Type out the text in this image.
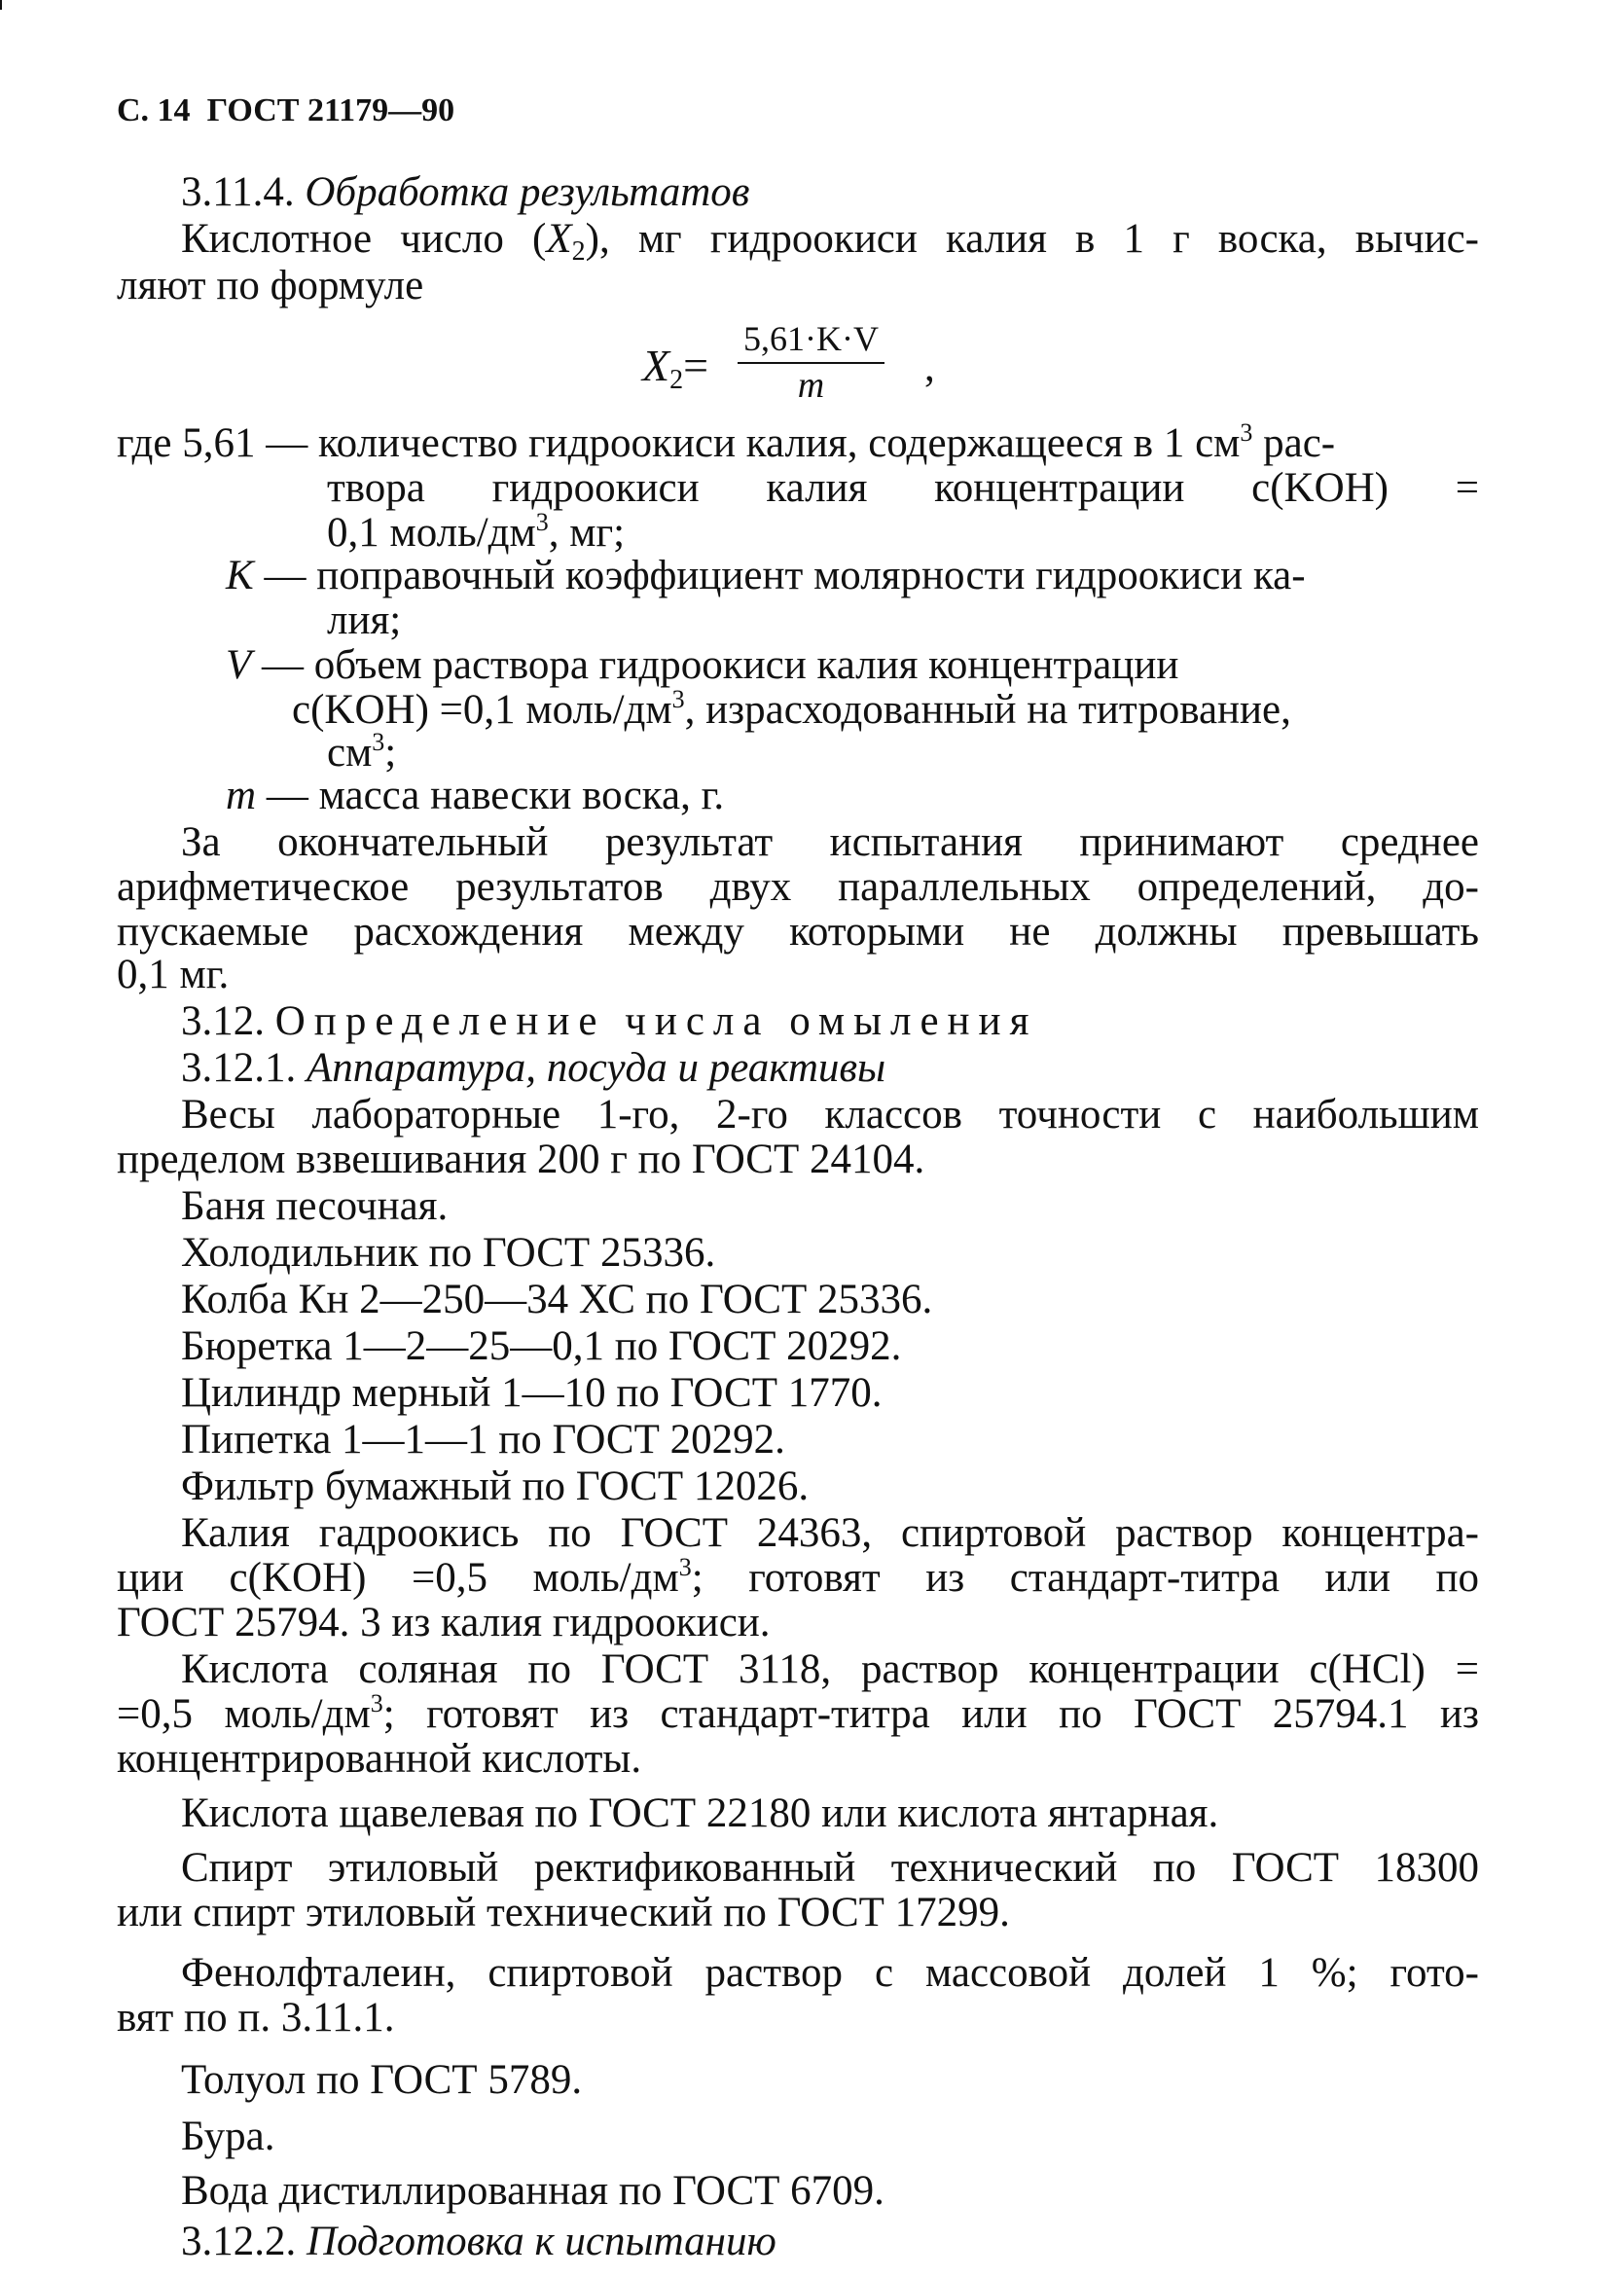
С. 14 ГОСТ 21179—90
3.11.4. Обработка результатов
Кислотное число $(X_2)$, мг гидроокиси калия в 1 г воска, вычис-
ляют по формуле
$X_2= \frac{5,61\cdot K\cdot V}{m}$ ,
где 5,61 — количество гидроокиси калия, содержащееся в 1 $см^3$ рас-
твора гидроокиси калия концентрации c(KOH) =
0,1 моль/$дм^3$, мг;
K — поправочный коэффициент молярности гидроокиси ка-
лия;
V — объем раствора гидроокиси калия концентрации
c(KOH) =0,1 моль/$дм^3$, израсходованный на титрование,
$см^3$;
m — масса навески воска, г.
За окончательный результат испытания принимают среднее
арифметическое результатов двух параллельных определений, до-
пускаемые расхождения между которыми не должны превышать
0,1 мг.
3.12. Определение числа омыления
3.12.1. Аппаратура, посуда и реактивы
Весы лабораторные 1-го, 2-го классов точности с наибольшим
пределом взвешивания 200 г по ГОСТ 24104.
Баня песочная.
Холодильник по ГОСТ 25336.
Колба Кн 2—250—34 ХС по ГОСТ 25336.
Бюретка 1—2—25—0,1 по ГОСТ 20292.
Цилиндр мерный 1—10 по ГОСТ 1770.
Пипетка 1—1—1 по ГОСТ 20292.
Фильтр бумажный по ГОСТ 12026.
Калия гадроокись по ГОСТ 24363, спиртовой раствор концентра-
ции c(KOH) =0,5 моль/$дм^3$; готовят из стандарт-титра или по
ГОСТ 25794. 3 из калия гидроокиси.
Кислота соляная по ГОСТ 3118, раствор концентрации c(HCl) =
=0,5 моль/$дм^3$; готовят из стандарт-титра или по ГОСТ 25794.1 из
концентрированной кислоты.
Кислота щавелевая по ГОСТ 22180 или кислота янтарная.
Спирт этиловый ректификованный технический по ГОСТ 18300
или спирт этиловый технический по ГОСТ 17299.
Фенолфталеин, спиртовой раствор с массовой долей 1 %; гото-
вят по п. 3.11.1.
Толуол по ГОСТ 5789.
Бура.
Вода дистиллированная по ГОСТ 6709.
3.12.2. Подготовка к испытанию
